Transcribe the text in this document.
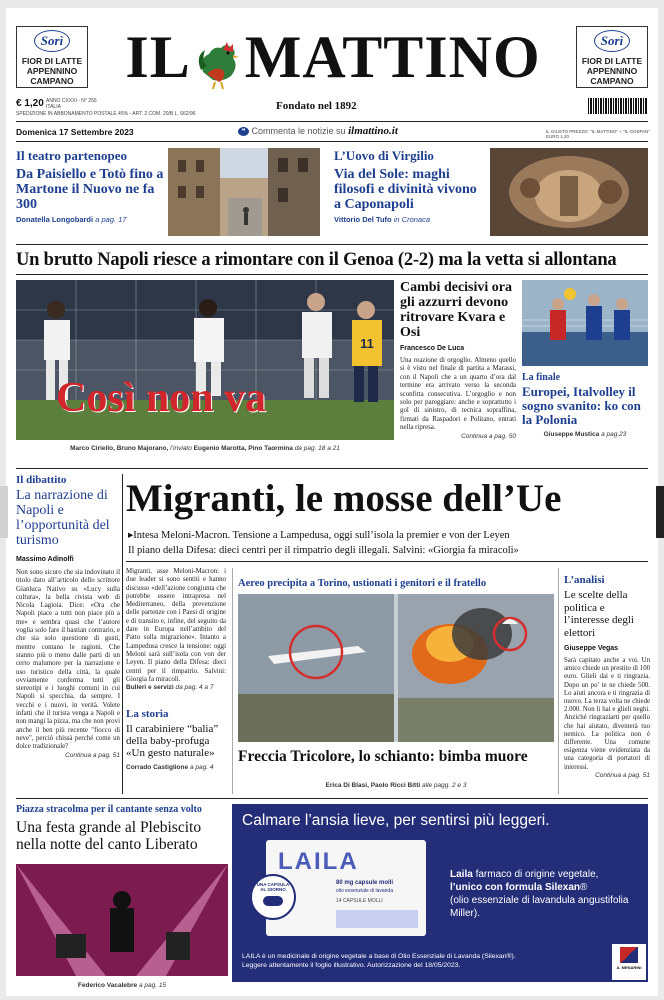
Sorì
FIOR DI LATTE
APPENNINO CAMPANO IL MATTINO	Sorì
FIOR DI LATTE
APPENNINO CAMPANO
€ 1,20 ANNO CXXXI - N° 256
ITALIA
SPEDIZIONE IN ABBONAMENTO POSTALE 45% - ART. 2 COM. 20/B L. 662/96
Fondato nel 1892
Domenica 17 Settembre 2023	❝ Commenta le notizie su ilmattino.it	IL GIUSTO PREZZO: "IL MATTINO" + "IL GOSPAN" EURO 1,20
Il teatro partenopeo
Da Paisiello e Totò fino a Martone il Nuovo ne fa 300
Donatella Longobardi a pag. 17
L’Uovo di Virgilio
Via del Sole: maghi filosofi e divinità vivono a Caponapoli
Vittorio Del Tufo in Cronaca
Un brutto Napoli riesce a rimontare con il Genoa (2-2) ma la vetta si allontana
11
Così non va
Marco Ciriello, Bruno Majorano, l’inviato Eugenio Marotta, Pino Taormina da pag. 18 a 21
Cambi decisivi ora gli azzurri devono ritrovare Kvara e Osi
Francesco De Luca
Una reazione di orgoglio. Almeno quello si è visto nel finale di partita a Marassi, con il Napoli che a un quarto d’ora dal termine era arrivato verso la seconda sconfitta consecutiva. L’orgoglio e non solo per pareggiare: anche e soprattutto i gol di sinistro, di tecnica sopraffina, firmati da Raspadori e Politano, entrati nella ripresa.
Continua a pag. 50
La finale
Europei, Italvolley il sogno svanito: ko con la Polonia
Giuseppe Mustica a pag.23
Il dibattito
La narrazione di Napoli e l’opportunità del turismo
Massimo Adinolfi
Non sono sicuro che sia indovinato il titolo dato all’articolo dello scrittore Gianluca Nativo su «Lucy sulla cultura», la bella rivista web di Nicola Lagioia. Dice: «Ora che Napoli piace a tutti non piace più a me» e sembra quasi che l’autore voglia solo fare il bastian contrario, e che sia solo questione di gusti, mentre contano le ragioni. Che stanno più o meno dalle parti di un certo malumore per la narrazione e uso turistico della città, la quale ovviamente conferma tutti gli stereotipi e i luoghi comuni in cui Napoli si specchia, da sempre. I vecchi e i nuovi, in verità. Volete infatti che il turista venga a Napoli e non mangi la pizza, ma che non provi anche il ben più recente "fiocco di neve", perciò chissà perché come un dolce tradizionale?
Continua a pag. 51
Migranti, le mosse dell’Ue
▸Intesa Meloni-Macron. Tensione a Lampedusa, oggi sull’isola la premier e von der Leyen
Il piano della Difesa: dieci centri per il rimpatrio degli illegali. Salvini: «Giorgia fa miracoli»
Migranti, asse Meloni-Macron: i due leader si sono sentiti e hanno discusso «dell’azione congiunta che potrebbe essere intrapresa nel Mediterraneo, della prevenzione delle partenze con i Paesi di origine e di transito e, infine, del seguito da dare in Europa nell’ambito del Patto sulla migrazione». Intanto a Lampedusa cresce la tensione: oggi Meloni sarà sull’isola con von der Leyen. Il piano della Difesa: dieci centri per il rimpatrio. Salvini: Giorgia fa miracoli.
Bulleri e servizi da pag. 4 a 7
La storia
Il carabiniere “balia” della baby-profuga «Un gesto naturale»
Corrado Castiglione a pag. 4
Aereo precipita a Torino, ustionati i genitori e il fratello
Freccia Tricolore, lo schianto: bimba muore
Erica Di Blasi, Paolo Ricci Bitti alle pagg. 2 e 3
L’analisi
Le scelte della politica e l’interesse degli elettori
Giuseppe Vegas
Sarà capitato anche a voi. Un amico chiede un prestito di 100 euro. Glieli dai e ti ringrazia. Dopo un po’ te ne chiede 500. Lo aiuti ancora e ti ringrazia di nuovo. La terza volta ne chiede 2.000. Non li hai e glieli neghi. Anziché ringraziarti per quello che hai aiutato, diventerà tuo nemico. La politica non è differente. Una comune esigenza viene evidenziata da una categoria di portatori di interessi.
Continua a pag. 51
Piazza stracolma per il cantante senza volto
Una festa grande al Plebiscito nella notte del canto Liberato
Federico Vacalebre a pag. 15
Calmare l’ansia lieve, per sentirsi più leggeri.
LAILA
80 mg capsule molli
olio essenziale di lavanda
14 CAPSULE MOLLI
UNA CAPSULA AL GIORNO
Laila farmaco di origine vegetale,
l’unico con formula Silexan®
(olio essenziale di lavandula angustifolia Miller).
LAILA è un medicinale di origine vegetale a base di Olio Essenziale di Lavanda (Silexan®).
Leggere attentamente il foglio illustrativo. Autorizzazione del 18/05/2023.	A. MENARINI
